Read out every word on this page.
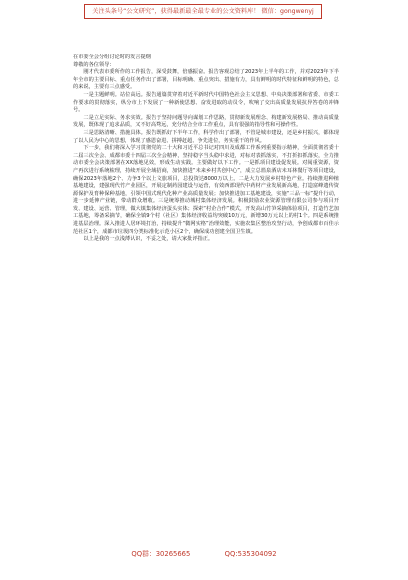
关注头条号“公文研究”，获得最新最全最专业的公文资料库！ 微信：gongwenyj

在市委全会分组讨论时的发言提纲

尊敬的各位领导：

刚才代表市委所作的工作报告，深受鼓舞，倍感振奋。报告客观总结了2023年上半年的工作，并对2023年下半年全市的主要目标、重点任务作出了部署，目标明确、重点突出、措施有力，具有鲜明的时代特征和鲜明的特色，总的来说，主要有三点感受。

一是主题鲜明。站位高远。报告通篇贯穿着对近平新时代中国特色社会主义思想、中央决策部署和省委、市委工作要求的贯彻落实，纵分市上下发展了一种新使思想、奋发进取的动员令，吹响了交出高质量发展抗异答卷的冲锋号。

二是立足实际、务求实效。报告于坚持问题导向谋划工作思路，贯彻新发展理念、构建新发展格局、推动高质量发展，既体现了追求品质，又不好高骛远，充分结合全市工作重点，具有很强的指导性和可操作性。

三是思路清晰、措施具体。报告既抓好下半年工作，科学作出了部署，不管是城市建设，还是乡村振兴，都体现了以人民为中心的思想，体现了感恩奋进、拼搏赶超、争先进位，务实重干的作风。

下一步，我们将深入学习贯彻党的二十大和习近平总书记对四川及成都工作系列重要指示精神，全面贯彻省委十二届三次全会、成都市委十四届三次全会精神，坚持稳字当头稳中求进，对标对表抓落实，不打折扣抓落实，全力推动市委全会决策部署在XX落地见效，形成生动实践。主要做好以下工作。一是抓项目建设促发展。对阅重资源，资产再次进行系统梳理，持续开展全域招商，加快推进“未来乡村共创中心”，成立总篮泉酒店未耳林餐厅等项目建设，确保2023年落地2个、力争3个以上文旅项目，总投资达8000万以上。二是大力发展乡村特色产业。持续推进种植基地建设，建强现代竹产业园区，开展定制药园建设与运营，有效西部现代中药材产业发展新高地，打造富峰遗传资源保护及育种保种基地，引领中国式现代化种产业高质量发展；加快推进加工基地建设，实施“三品一标”提升行动，进一步延伸产业链，带动群众增收。三是统筹推动城村集体经济发展。积极鼓励农业资源管理有限公司参与项目开发、建设、运营、管理，做大镇集体经济蛋头实体；探索“村企合作”模式，开发高山竹笋采摘体验项目，打造竹艺加工基地，筹备采摘节，确保全镇9个村（社区）集体经济收益均突破10万元，新增30万元以上的村1个。四是系统推进基层治理。深入推进人居环境打治，持续提升“微网实格”治理效能，实施农集区整治攻坚行动，争创成都市百佳示范社区1个，成都市垃圾四分类标准化示范小区2个，确保成功创建全国卫生镇。

以上是我的一点浅薄认识，不妥之处，请大家批评指正。

QQ群：30265665	QQ:535304092
